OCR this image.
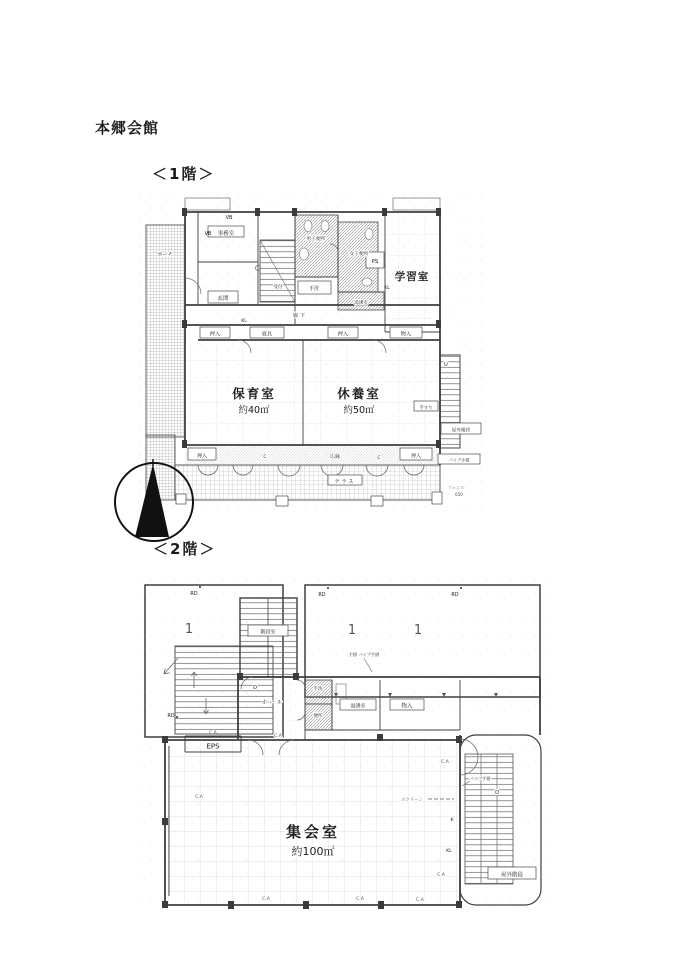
本郷会館
＜1階＞
＜2階＞
ポーチ
VB
VB 事務室
男子便所
女子便所
PS
手洗
湯沸室
学習室
玄関
受付
廊下
KL
KL
押入	寝具	押入	物入
保育室
約40㎡
休養室
約50㎡
押入	C	広縁	C	押入
テラス
U
手すり
屋外階段
パイプ手摺
フェンス
650
RD
RD
RD	RD
1	1	1
階段室
手摺 パイプ手摺
ホール
手洗
便所
湯沸室	物入
EPS
D
D
集会室
約100㎡
スクリーン
パイプ手摺
屋外階段
C.A
C.A
C.A
C.A
C.A
C.A	C.A	C.A
K
KL
